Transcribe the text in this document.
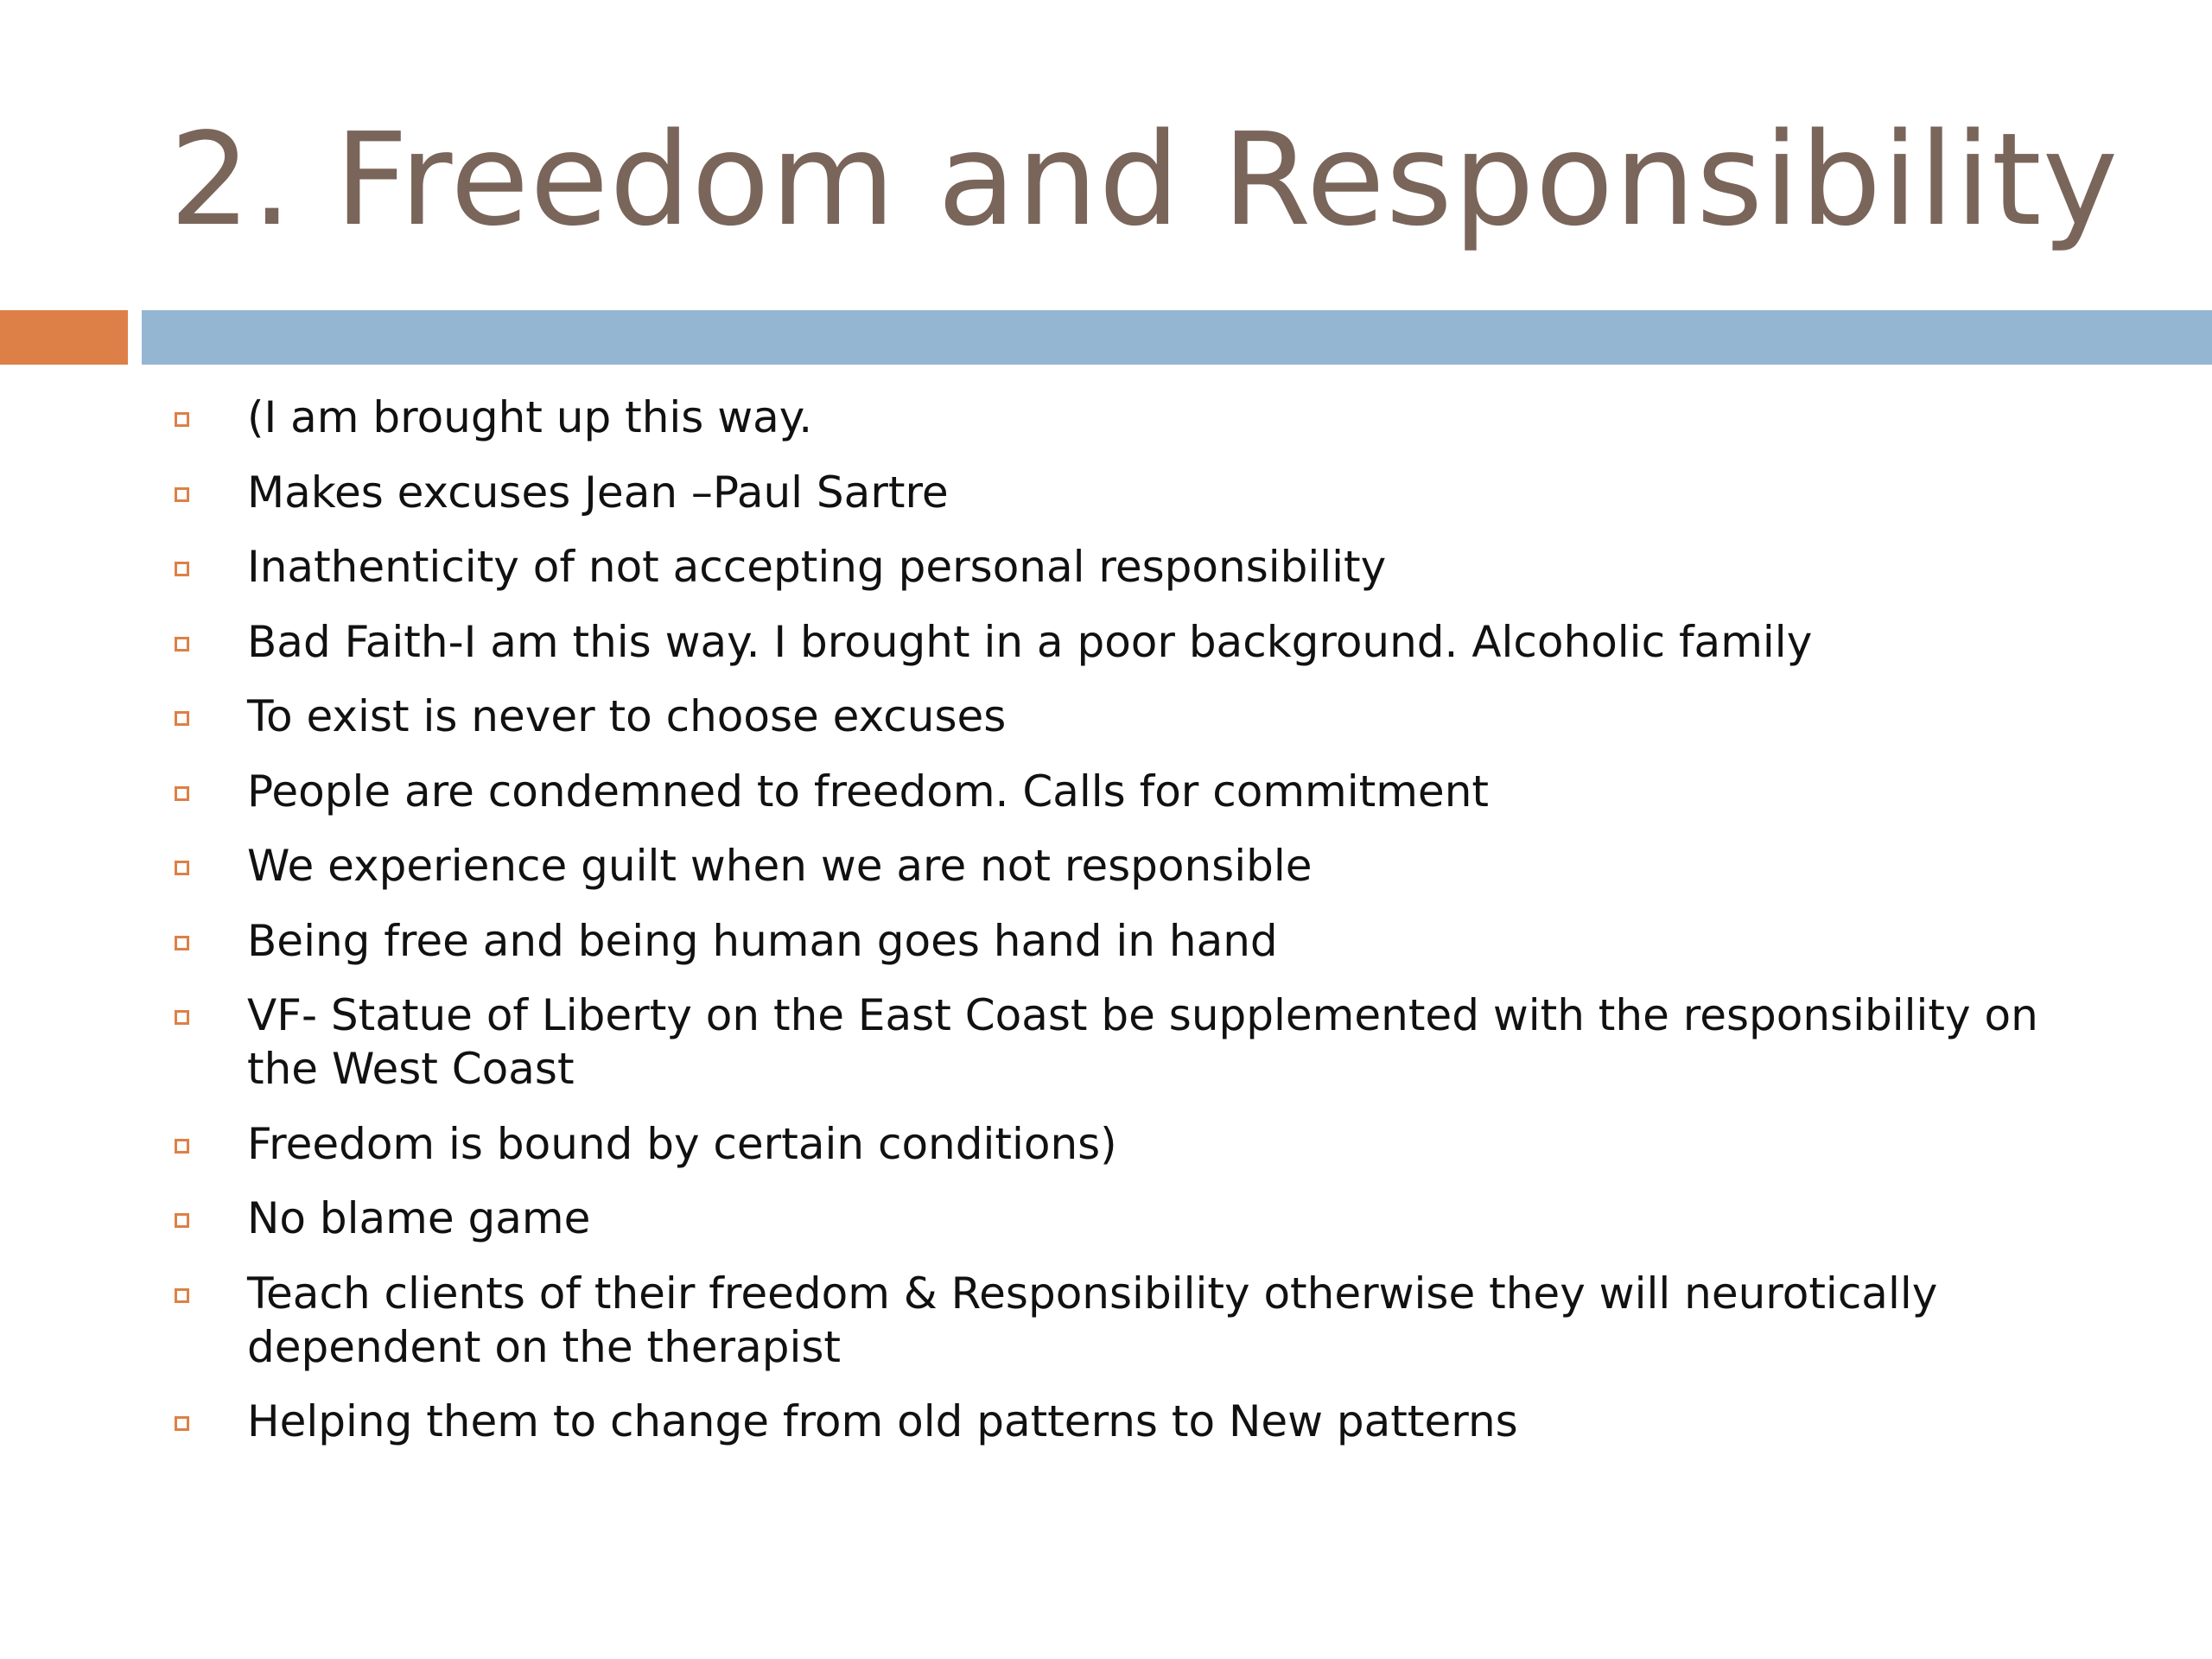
2. Freedom and Responsibility
(I am brought up this way.
Makes excuses Jean –Paul Sartre
Inathenticity of not accepting personal responsibility
Bad Faith-I am this way. I brought in a poor background. Alcoholic family
To exist is never to choose excuses
People are condemned to freedom. Calls for commitment
We experience guilt when we are not responsible
Being free and being human goes hand in hand
VF- Statue of Liberty on the East Coast be supplemented with the responsibility on the West Coast
Freedom is bound by certain conditions)
No blame game
Teach clients of their freedom & Responsibility otherwise they will neurotically dependent on the therapist
Helping them to change from old patterns to New patterns
